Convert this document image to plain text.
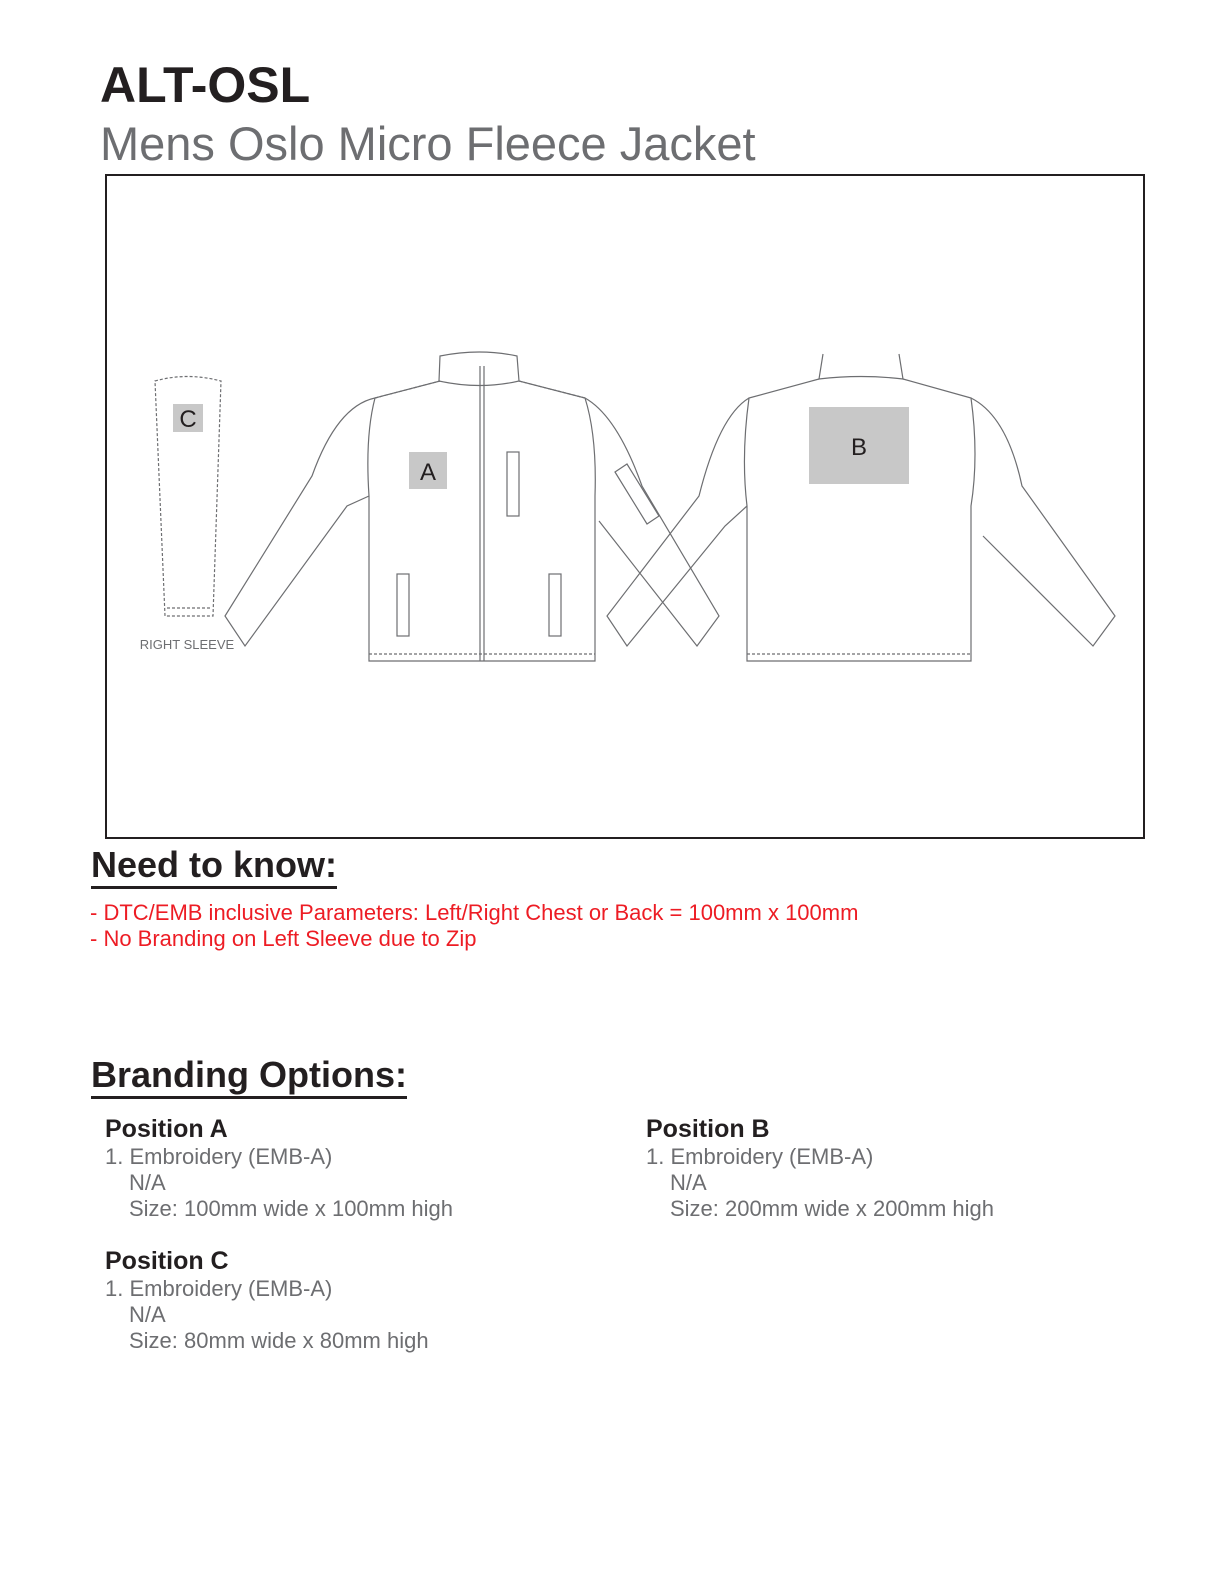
ALT-OSL
Mens Oslo Micro Fleece Jacket
C
RIGHT SLEEVE
A
B
Need to know:
- DTC/EMB inclusive Parameters: Left/Right Chest or Back = 100mm x 100mm
- No Branding on Left Sleeve due to Zip
Branding Options:
Position A
1. Embroidery (EMB-A)
N/A
Size: 100mm wide x 100mm high
Position B
1. Embroidery (EMB-A)
N/A
Size: 200mm wide x 200mm high
Position C
1. Embroidery (EMB-A)
N/A
Size: 80mm wide x 80mm high
